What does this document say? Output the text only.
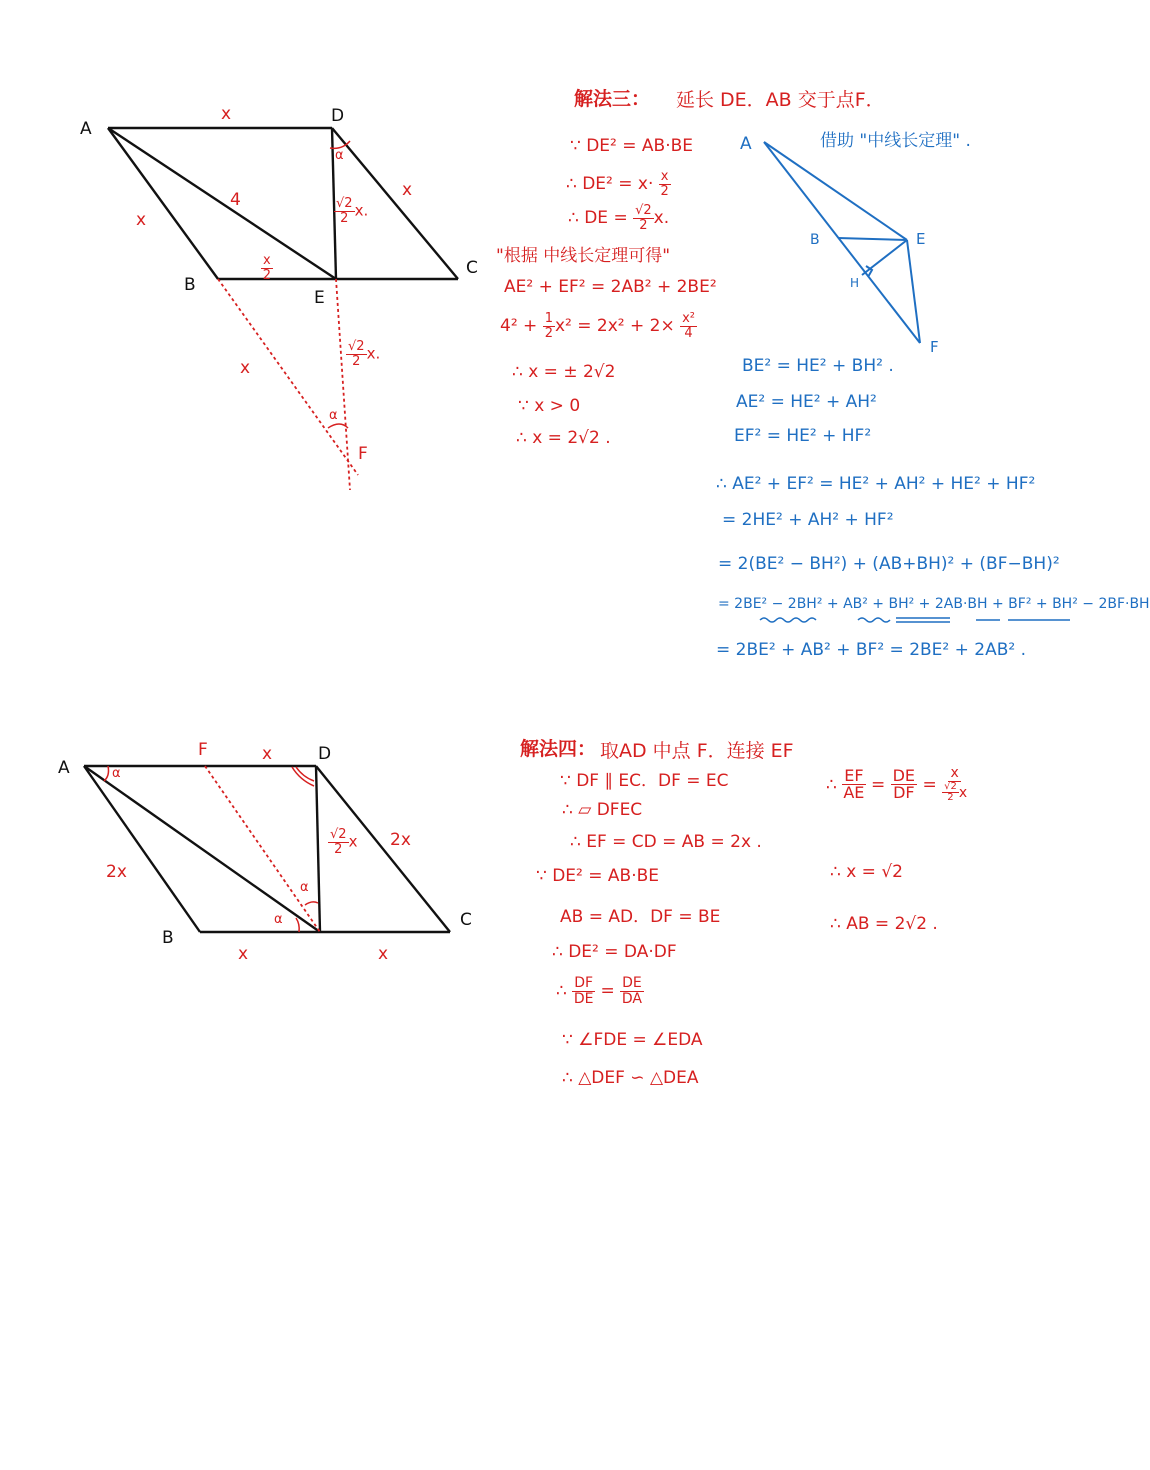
A
D
B
E
C
F
x
x
x
4
$\frac{x}{2}$
$\frac{√2}{2} x$.
x	$\frac{√2}{2} x$.
α
α
解法三： 延长 DE．AB 交于点F．
∵ DE² = AB·BE
∴ $DE^2 = x\cdot \frac{x}{2}$
∴ DE = $\frac{√2}{2} x$.
"根据 中线长定理可得"
AE² + EF² = 2AB² + 2BE²
$4^2 + \frac{1}{2} x^2 = 2x^2 + 2\times \frac{\text{x²}}{4}$
∴ x = ± 2√2
∵ x > 0
∴ x = 2√2 .
借助 "中线长定理" .
A
B	E
H
F
BE² = HE² + BH² .
AE² = HE² + AH²
EF² = HE² + HF²
∴ AE² + EF² = HE² + AH² + HE² + HF²
= 2HE² + AH² + HF²
= 2(BE² − BH²) + (AB+BH)² + (BF−BH)²
= 2BE² − 2BH² + AB² + BH² + 2AB·BH + BF² + BH² − 2BF·BH
= 2BE² + AB² + BF² = 2BE² + 2AB² .
A
F	D
B
C
x
2x
2x
x	x
$\frac{√2}{2}$ x
α
α
α
解法四： 取AD 中点 F．连接 EF
∵ DF ∥ EC．DF = EC
∴ ▱ DFEC
∴ EF = CD = AB = 2x .
∵ DE² = AB·BE
AB = AD．DF = BE
∴ DE² = DA·DF
∴ $\frac{DF}{DE} = \frac{DE}{DA}$
∵ ∠FDE = ∠EDA
∴ △DEF ∽ △DEA
∴ $\frac{EF}{AE} = \frac{DE}{DF} = \frac{x}{\frac{√2}{2} x}$
∴ x = √2
∴ AB = 2√2 .
